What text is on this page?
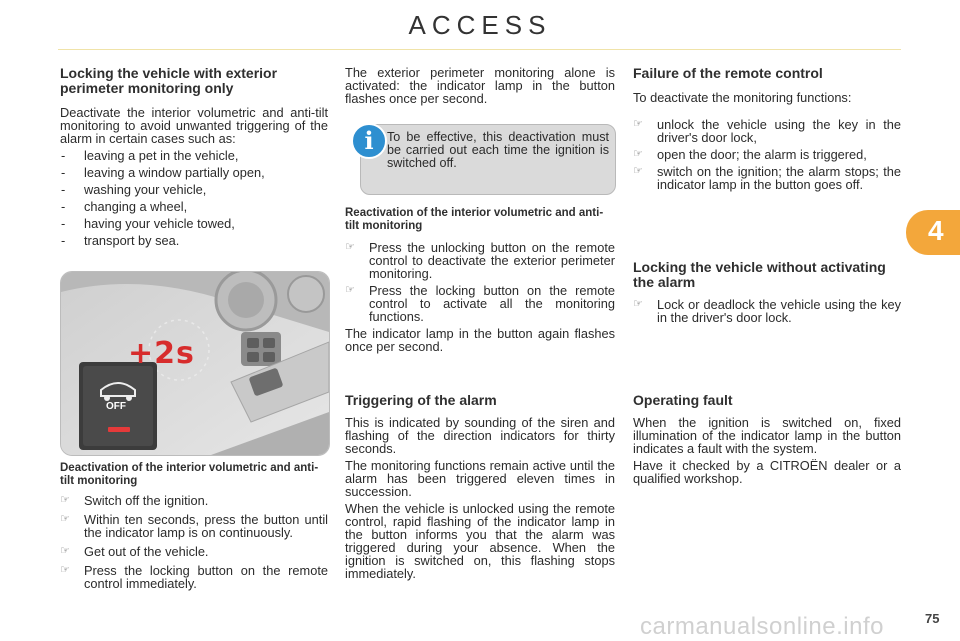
ACCESS
Locking the vehicle with exterior perimeter monitoring only

Deactivate the interior volumetric and anti-tilt monitoring to avoid unwanted triggering of the alarm in certain cases such as:

- leaving a pet in the vehicle,
- leaving a window partially open,
- washing your vehicle,
- changing a wheel,
- having your vehicle towed,
- transport by sea.
OFF
+2s
Deactivation of the interior volumetric and anti-tilt monitoring
☞ Switch off the ignition.
☞ Within ten seconds, press the button until the indicator lamp is on continuously.
☞ Get out of the vehicle.
☞ Press the locking button on the remote control immediately.

The exterior perimeter monitoring alone is activated: the indicator lamp in the button flashes once per second.

i	To be effective, this deactivation must be carried out each time the ignition is switched off.

Reactivation of the interior volumetric and anti-tilt monitoring
☞ Press the unlocking button on the remote control to deactivate the exterior perimeter monitoring.
☞ Press the locking button on the remote control to activate all the monitoring functions.

The indicator lamp in the button again flashes once per second.

Triggering of the alarm

This is indicated by sounding of the siren and flashing of the direction indicators for thirty seconds.

The monitoring functions remain active until the alarm has been triggered eleven times in succession.

When the vehicle is unlocked using the remote control, rapid flashing of the indicator lamp in the button informs you that the alarm was triggered during your absence. When the ignition is switched on, this flashing stops immediately.

Failure of the remote control

To deactivate the monitoring functions:

☞ unlock the vehicle using the key in the driver's door lock,
☞ open the door; the alarm is triggered,
☞ switch on the ignition; the alarm stops; the indicator lamp in the button goes off.
Locking the vehicle without activating the alarm
☞ Lock or deadlock the vehicle using the key in the driver's door lock.
Operating fault

When the ignition is switched on, fixed illumination of the indicator lamp in the button indicates a fault with the system.

Have it checked by a CITROËN dealer or a qualified workshop.

4
carmanualsonline.info	75
